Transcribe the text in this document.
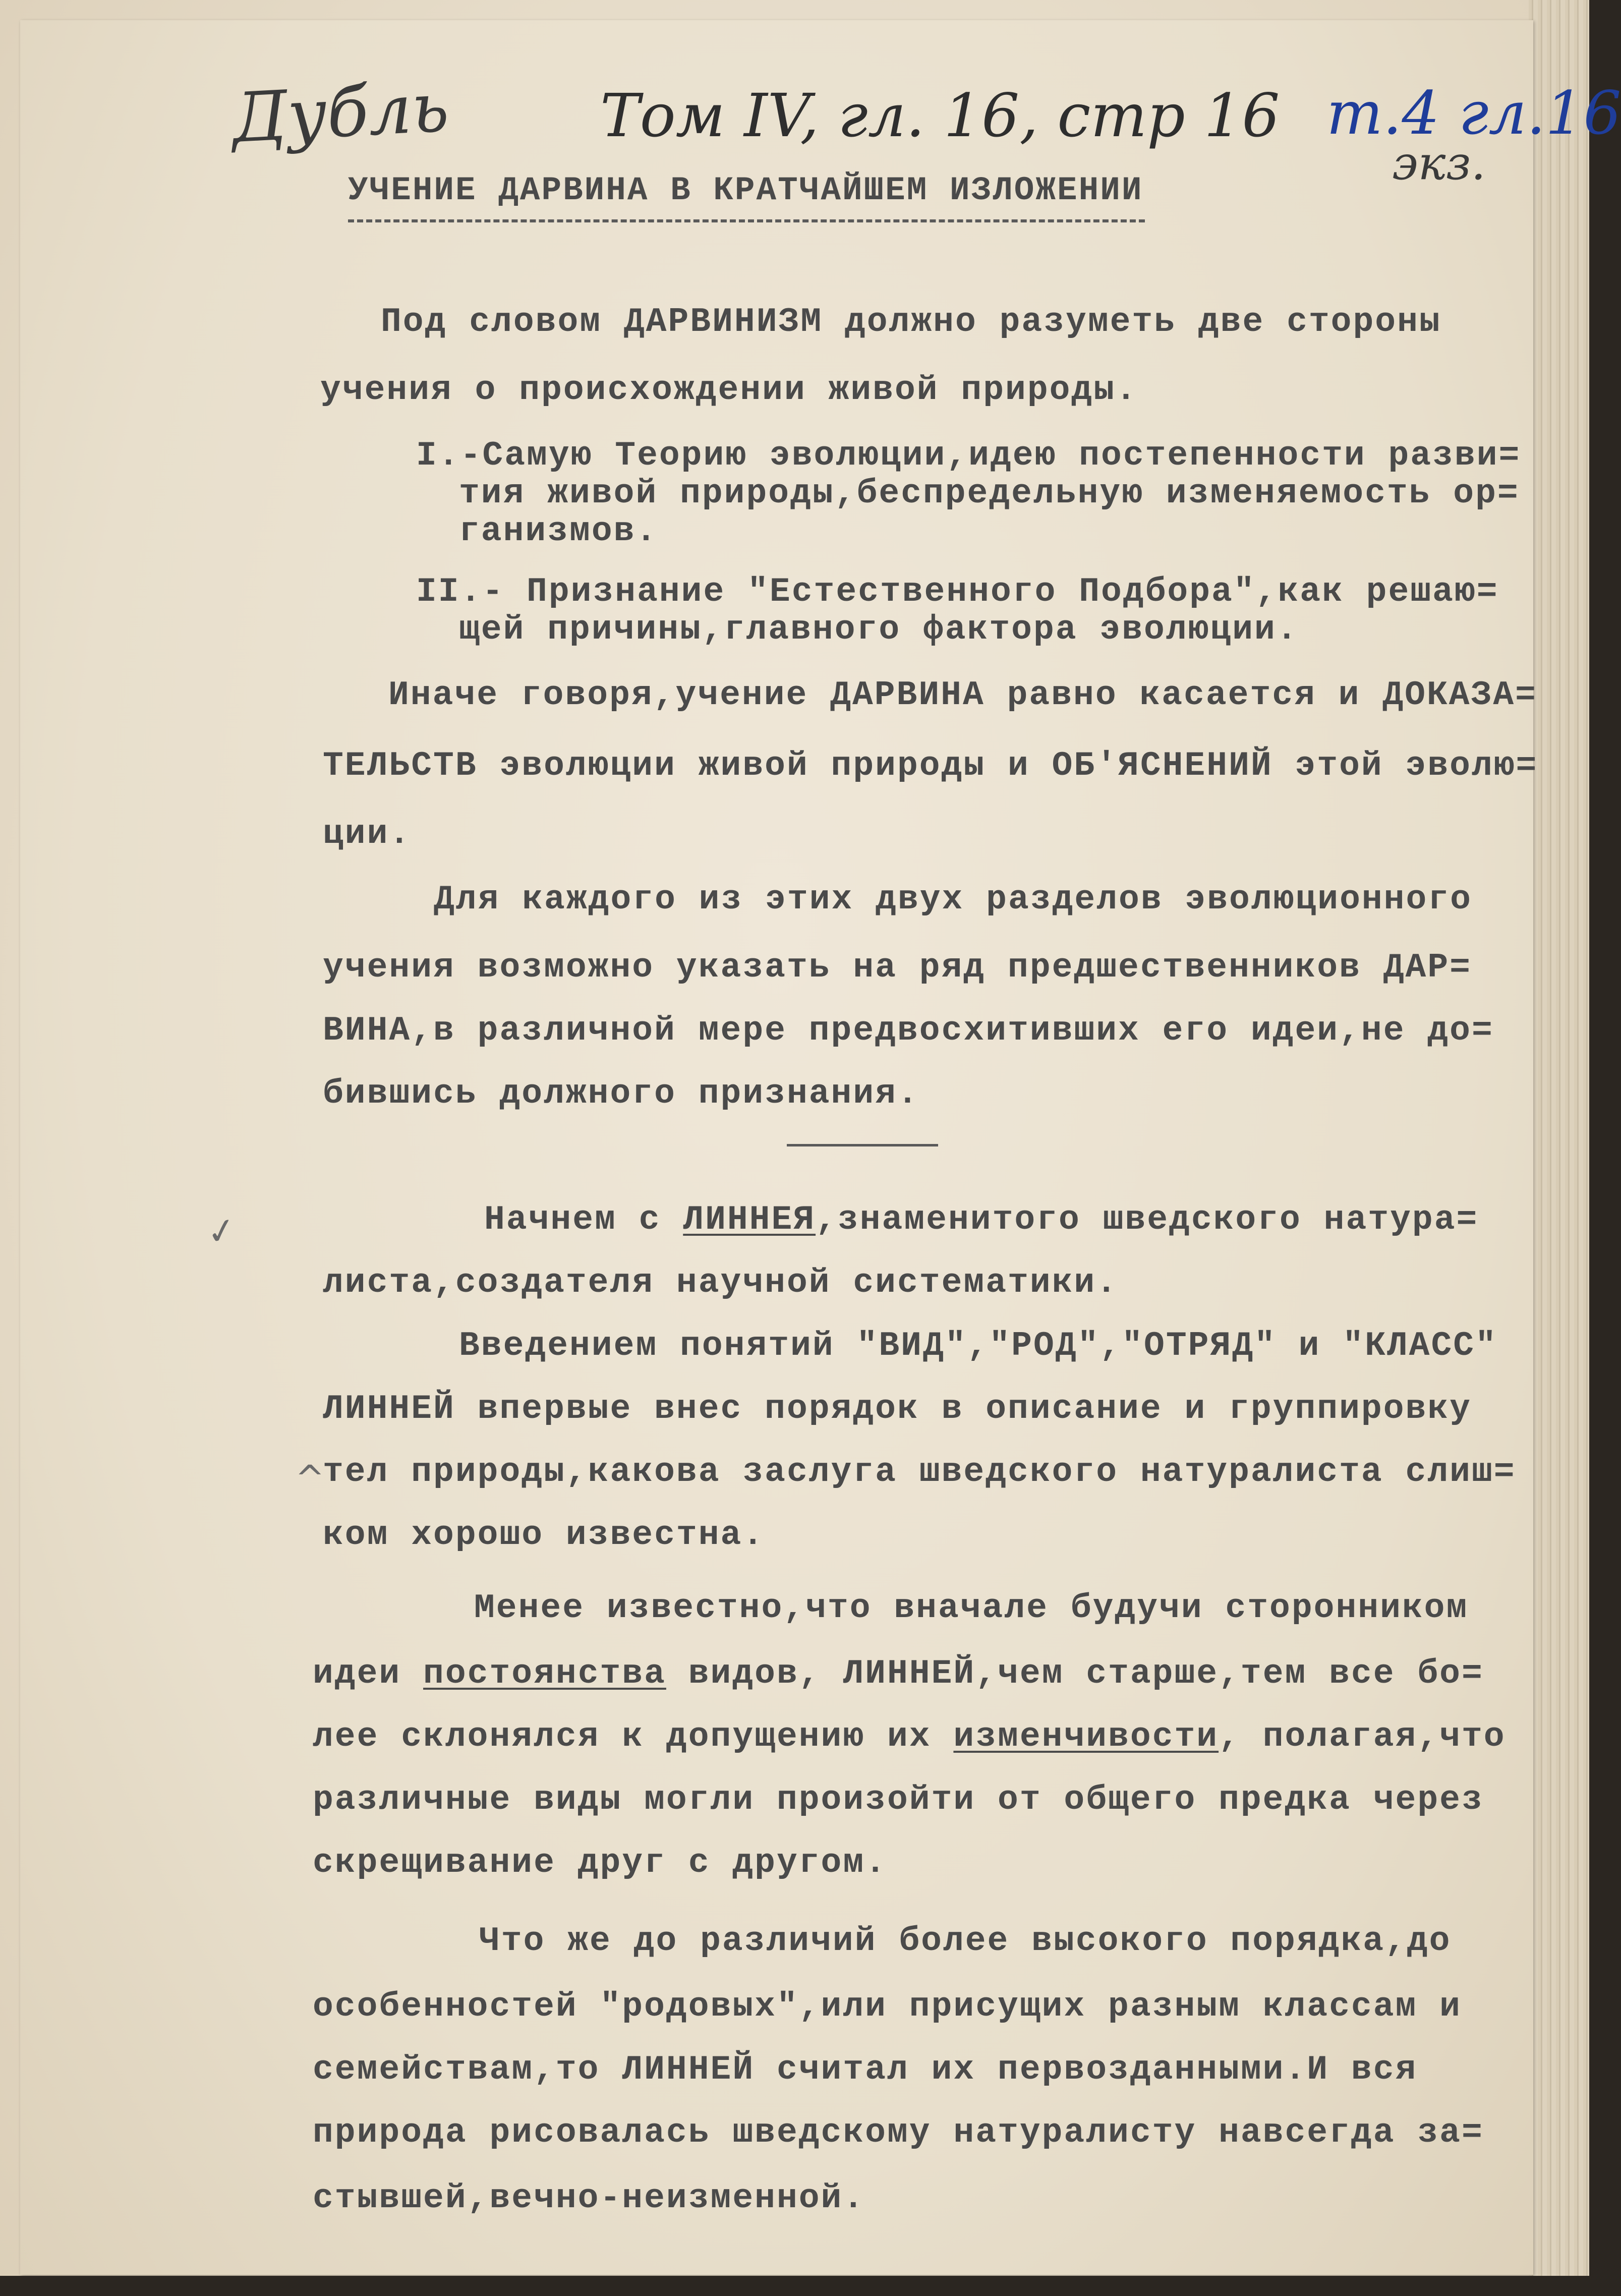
Дубль	Том IV, гл. 16, стр 16 т.4 гл.16
экз.
✓
^
УЧЕНИЕ ДАРВИНА В КРАТЧАЙШЕМ ИЗЛОЖЕНИИ
Под словом ДАРВИНИЗМ должно разуметь две стороны
учения о происхождении живой природы.
I.-Самую Теорию эволюции,идею постепенности разви=
тия живой природы,беспредельную изменяемость ор=
ганизмов.
II.- Признание "Естественного Подбора",как решаю=
щей причины,главного фактора эволюции.
Иначе говоря,учение ДАРВИНА равно касается и ДОКАЗА=
ТЕЛЬСТВ эволюции живой природы и ОБ'ЯСНЕНИЙ этой эволю=
ции.
Для каждого из этих двух разделов эволюционного
учения возможно указать на ряд предшественников ДАР=
ВИНА,в различной мере предвосхитивших его идеи,не до=
бившись должного признания.
Начнем с ЛИННЕЯ,знаменитого шведского натура=
листа,создателя научной систематики.
Введением понятий "ВИД","РОД","ОТРЯД" и "КЛАСС"
ЛИННЕЙ впервые внес порядок в описание и группировку
тел природы,какова заслуга шведского натуралиста слиш=
ком хорошо известна.
Менее известно,что вначале будучи сторонником
идеи постоянства видов, ЛИННЕЙ,чем старше,тем все бо=
лее склонялся к допущению их изменчивости, полагая,что
различные виды могли произойти от общего предка через
скрещивание друг с другом.
Что же до различий более высокого порядка,до
особенностей "родовых",или присущих разным классам и
семействам,то ЛИННЕЙ считал их первозданными.И вся
природа рисовалась шведскому натуралисту навсегда за=
стывшей,вечно-неизменной.
